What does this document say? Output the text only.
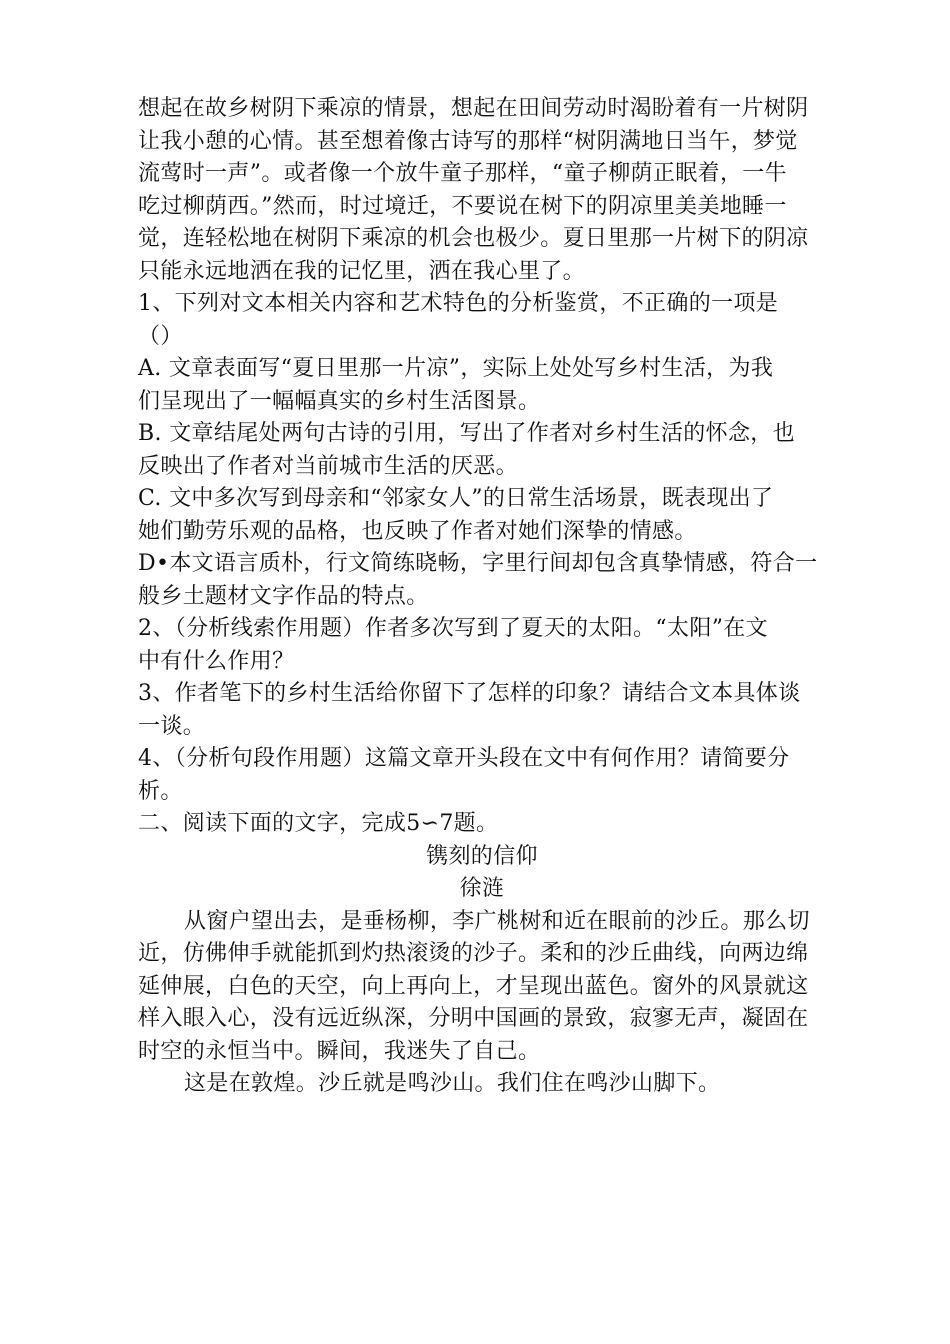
想起在故乡树阴下乘凉的情景，想起在田间劳动时渴盼着有一片树阴
让我小憩的心情。甚至想着像古诗写的那样“树阴满地日当午，梦觉
流莺时一声”。或者像一个放牛童子那样，“童子柳荫正眠着，一牛
吃过柳荫西。”然而，时过境迁，不要说在树下的阴凉里美美地睡一
觉，连轻松地在树阴下乘凉的机会也极少。夏日里那一片树下的阴凉
只能永远地洒在我的记忆里，洒在我心里了。
1、下列对文本相关内容和艺术特色的分析鉴赏，不正确的一项是
（）
A. 文章表面写“夏日里那一片凉”，实际上处处写乡村生活，为我
们呈现出了一幅幅真实的乡村生活图景。
B. 文章结尾处两句古诗的引用，写出了作者对乡村生活的怀念，也
反映出了作者对当前城市生活的厌恶。
C. 文中多次写到母亲和“邻家女人”的日常生活场景，既表现出了
她们勤劳乐观的品格，也反映了作者对她们深挚的情感。
D•本文语言质朴，行文简练晓畅，字里行间却包含真挚情感，符合一
般乡土题材文字作品的特点。
2、（分析线索作用题）作者多次写到了夏天的太阳。“太阳”在文
中有什么作用？
3、作者笔下的乡村生活给你留下了怎样的印象？请结合文本具体谈
一谈。
4、（分析句段作用题）这篇文章开头段在文中有何作用？请简要分
析。
二、阅读下面的文字，完成5∽7题。
镌刻的信仰
徐涟
从窗户望出去，是垂杨柳，李广桃树和近在眼前的沙丘。那么切
近，仿佛伸手就能抓到灼热滚烫的沙子。柔和的沙丘曲线，向两边绵
延伸展，白色的天空，向上再向上，才呈现出蓝色。窗外的风景就这
样入眼入心，没有远近纵深，分明中国画的景致，寂寥无声，凝固在
时空的永恒当中。瞬间，我迷失了自己。
这是在敦煌。沙丘就是鸣沙山。我们住在鸣沙山脚下。
